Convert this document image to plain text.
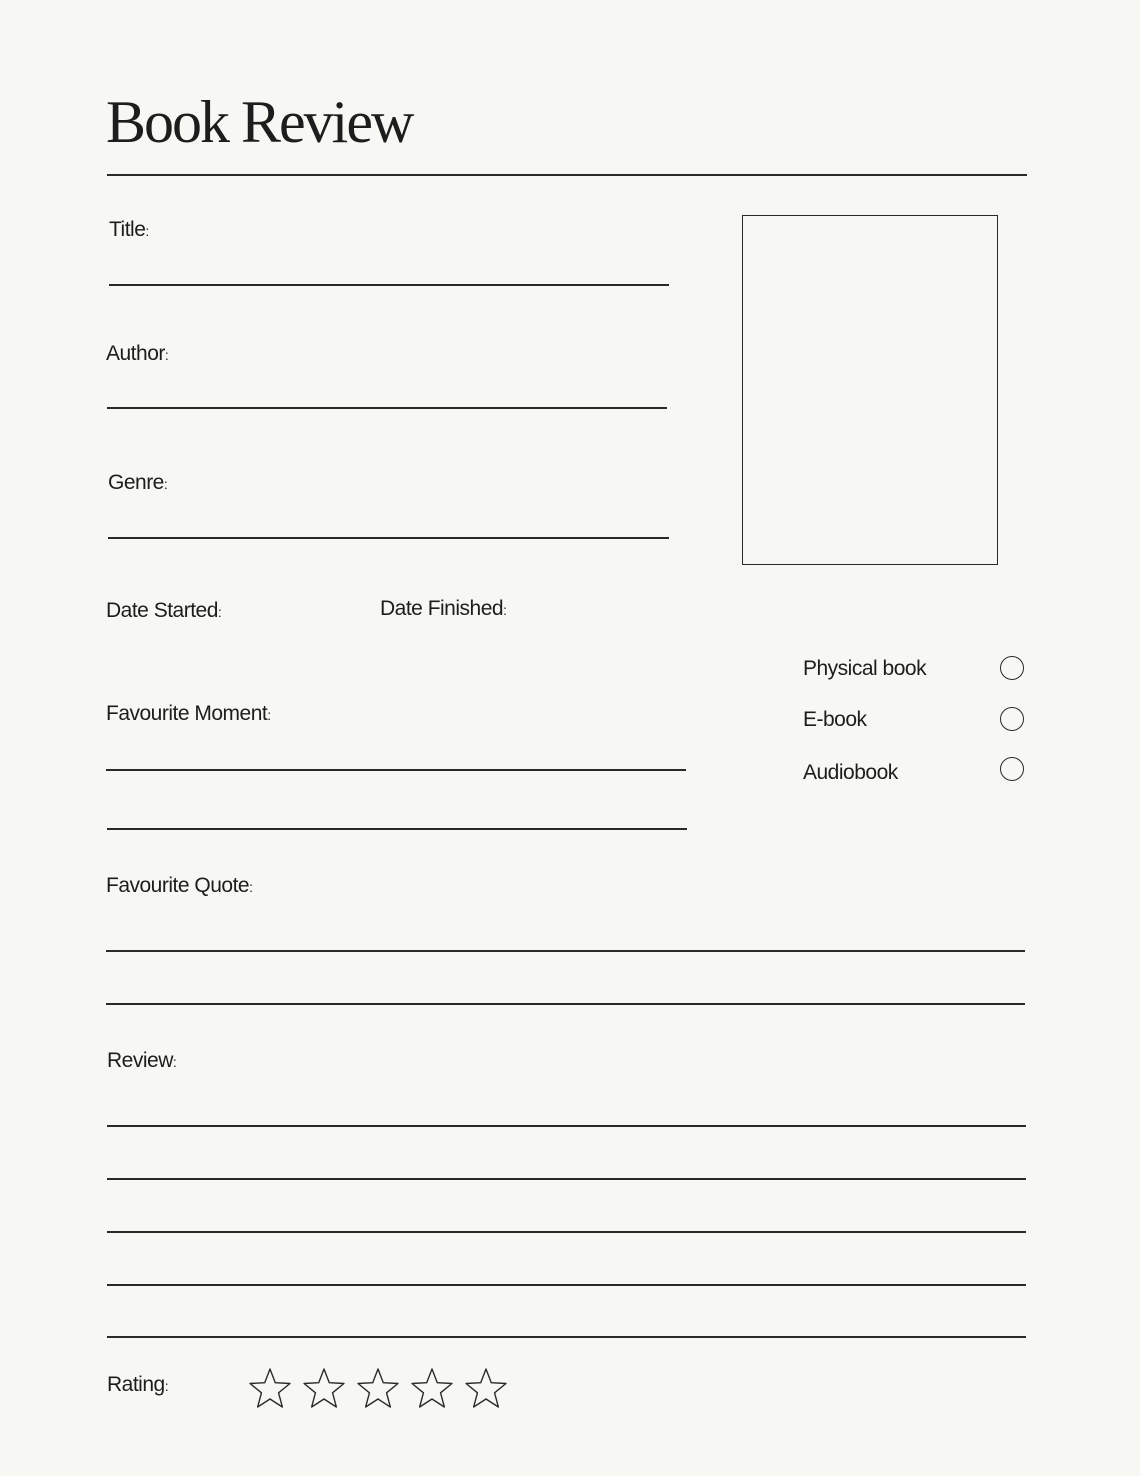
Book Review
Title:
Author:
Genre:
Date Started:	Date Finished:
Physical book
E-book
Audiobook
Favourite Moment:
Favourite Quote:
Review:
Rating:
